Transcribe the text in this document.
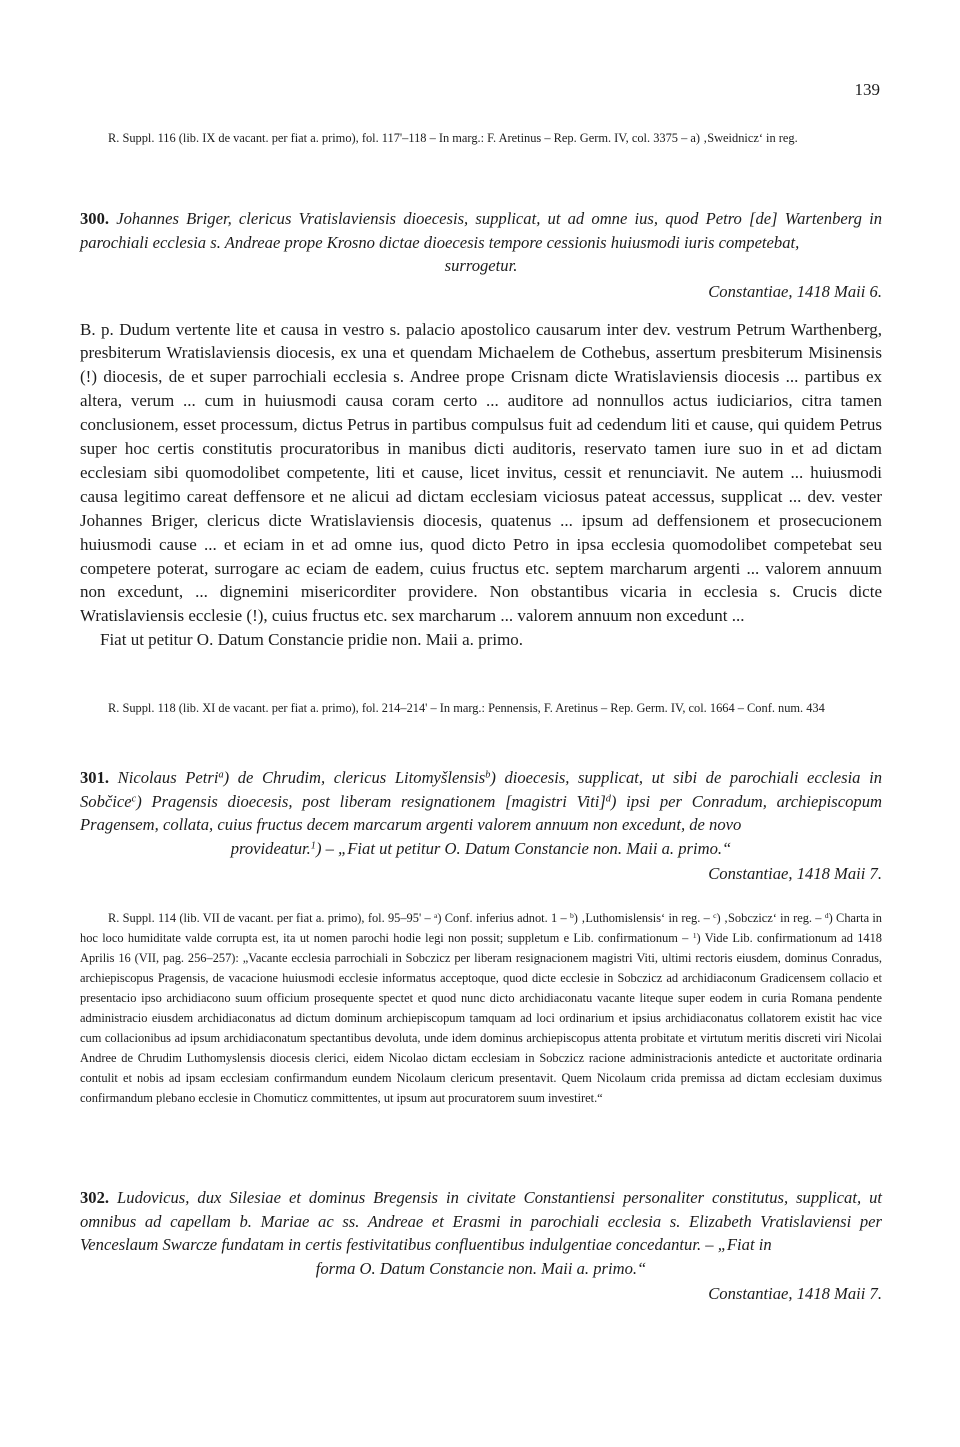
139

R. Suppl. 116 (lib. IX de vacant. per fiat a. primo), fol. 117'–118 – In marg.: F. Aretinus – Rep. Germ. IV, col. 3375 – a) ‚Sweidnicz‘ in reg.

300. Johannes Briger, clericus Vratislaviensis dioecesis, supplicat, ut ad omne ius, quod Petro [de] Wartenberg in parochiali ecclesia s. Andreae prope Krosno dictae dioecesis tempore cessionis huiusmodi iuris competebat,
surrogetur.

Constantiae, 1418 Maii 6.

B. p. Dudum vertente lite et causa in vestro s. palacio apostolico causarum inter dev. vestrum Petrum Warthenberg, presbiterum Wratislaviensis diocesis, ex una et quendam Michaelem de Cothebus, assertum presbiterum Misinensis (!) diocesis, de et super parrochiali ecclesia s. Andree prope Crisnam dicte Wratislaviensis diocesis ... partibus ex altera, verum ... cum in huiusmodi causa coram certo ... auditore ad nonnullos actus iudiciarios, citra tamen conclusionem, esset processum, dictus Petrus in partibus compulsus fuit ad cedendum liti et cause, qui quidem Petrus super hoc certis constitutis procuratoribus in manibus dicti auditoris, reservato tamen iure suo in et ad dictam ecclesiam sibi quomodolibet competente, liti et cause, licet invitus, cessit et renunciavit. Ne autem ... huiusmodi causa legitimo careat deffensore et ne alicui ad dictam ecclesiam viciosus pateat accessus, supplicat ... dev. vester Johannes Briger, clericus dicte Wratislaviensis diocesis, quatenus ... ipsum ad deffensionem et prosecucionem huiusmodi cause ... et eciam in et ad omne ius, quod dicto Petro in ipsa ecclesia quomodolibet competebat seu competere poterat, surrogare ac eciam de eadem, cuius fructus etc. septem marcharum argenti ... valorem annuum non excedunt, ... dignemini misericorditer providere. Non obstantibus vicaria in ecclesia s. Crucis dicte Wratislaviensis ecclesie (!), cuius fructus etc. sex marcharum ... valorem annuum non excedunt ...

Fiat ut petitur O. Datum Constancie pridie non. Maii a. primo.

R. Suppl. 118 (lib. XI de vacant. per fiat a. primo), fol. 214–214' – In marg.: Pennensis, F. Aretinus – Rep. Germ. IV, col. 1664 – Conf. num. 434

301. Nicolaus Petri$^a$) de Chrudim, clericus Litomyšlensis$^b$) dioecesis, supplicat, ut sibi de parochiali ecclesia in Sobčice$^c$) Pragensis dioecesis, post liberam resignationem [magistri Viti]$^d$) ipsi per Conradum, archiepiscopum Pragensem, collata, cuius fructus decem marcarum argenti valorem annuum non excedunt, de novo
provideatur.$^1$) – „Fiat ut petitur O. Datum Constancie non. Maii a. primo.“

Constantiae, 1418 Maii 7.

R. Suppl. 114 (lib. VII de vacant. per fiat a. primo), fol. 95–95' – $^a$) Conf. inferius adnot. 1 – $^b$) ‚Luthomislensis‘ in reg. – $^c$) ‚Sobczicz‘ in reg. – $^d$) Charta in hoc loco humiditate valde corrupta est, ita ut nomen parochi hodie legi non possit; suppletum e Lib. confirmationum – $^1$) Vide Lib. confirmationum ad 1418 Aprilis 16 (VII, pag. 256–257): „Vacante ecclesia parrochiali in Sobczicz per liberam resignacionem magistri Viti, ultimi rectoris eiusdem, dominus Conradus, archiepiscopus Pragensis, de vacacione huiusmodi ecclesie informatus acceptoque, quod dicte ecclesie in Sobczicz ad archidiaconum Gradicensem collacio et presentacio ipso archidiacono suum officium prosequente spectet et quod nunc dicto archidiaconatu vacante liteque super eodem in curia Romana pendente administracio eiusdem archidiaconatus ad dictum dominum archiepiscopum tamquam ad loci ordinarium et ipsius archidiaconatus collatorem existit hac vice cum collacionibus ad ipsum archidiaconatum spectantibus devoluta, unde idem dominus archiepiscopus attenta probitate et virtutum meritis discreti viri Nicolai Andree de Chrudim Luthomyslensis diocesis clerici, eidem Nicolao dictam ecclesiam in Sobczicz racione administracionis antedicte et auctoritate ordinaria contulit et nobis ad ipsam ecclesiam confirmandum eundem Nicolaum clericum presentavit. Quem Nicolaum crida premissa ad dictam ecclesiam duximus confirmandum plebano ecclesie in Chomuticz committentes, ut ipsum aut procuratorem suum investiret.“

302. Ludovicus, dux Silesiae et dominus Bregensis in civitate Constantiensi personaliter constitutus, supplicat, ut omnibus ad capellam b. Mariae ac ss. Andreae et Erasmi in parochiali ecclesia s. Elizabeth Vratislaviensi per Venceslaum Swarcze fundatam in certis festivitatibus confluentibus indulgentiae concedantur. – „Fiat in
forma O. Datum Constancie non. Maii a. primo.“

Constantiae, 1418 Maii 7.
